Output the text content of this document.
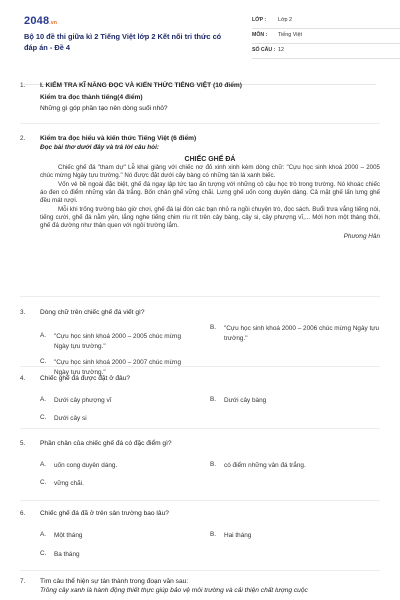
2048.vn
Bộ 10 đề thi giữa kì 2 Tiếng Việt lớp 2 Kết nối tri thức có đáp án - Đề 4
LỚP :	Lớp 2
MÔN :	Tiếng Việt
SỐ CÂU : 12
1. I. KIỂM TRA KĨ NĂNG ĐỌC VÀ KIẾN THỨC TIẾNG VIỆT (10 điểm)
Kiểm tra đọc thành tiếng(4 điểm)
Những gì góp phần tạo nên dòng suối nhỏ?
2. Kiểm tra đọc hiểu và kiến thức Tiếng Việt (6 điểm)
Đọc bài thơ dưới đây và trả lời câu hỏi:
CHIẾC GHẾ ĐÁ
Chiếc ghế đá "tham dự" Lễ khai giảng với chiếc nơ đỏ xinh xinh kèm dòng chữ: "Cựu học sinh khoá 2000 – 2005 chúc mừng Ngày tựu trường." Nó được đặt dưới cây bàng có những tán lá xanh biếc.
Vốn vẻ bề ngoài đặc biệt, ghế đá ngay lập tức tạo ấn tượng với những cô cậu học trò trong trường. Nó khoác chiếc áo đen có điểm những vân đá trắng. Bốn chân ghế vững chãi. Lưng ghế uốn cong duyên dáng. Cả mặt ghế lấn lưng ghế đều mát rượi.
Mỗi khi trống trường báo giờ chơi, ghế đá lại đón các bạn nhỏ ra ngồi chuyện trò, đọc sách. Buổi trưa vắng tiếng nói, tiếng cười, ghế đá nằm yên, lắng nghe tiếng chim ríu rít trên cây bàng, cây si, cây phượng vĩ,... Mới hơn một tháng thôi, ghế đá dường như thân quen với ngôi trường lắm.
Phương Hân
3. Dòng chữ trên chiếc ghế đá viết gì?
A.	"Cựu học sinh khoá 2000 – 2005 chúc mừng Ngày tựu trường."
B.	"Cựu học sinh khoá 2000 – 2006 chúc mừng Ngày tựu trường."
C.	"Cựu học sinh khoá 2000 – 2007 chúc mừng Ngày tựu trường."
4. Chiếc ghế đá được đặt ở đâu?
A.	Dưới cây phượng vĩ	B.	Dưới cây bàng
C.	Dưới cây si
5. Phần chân của chiếc ghế đá có đặc điểm gì?
A.	uốn cong duyên dáng.	B.	có điểm những vân đá trắng.
C.	vững chãi.
6. Chiếc ghế đá đã ở trên sân trường bao lâu?
A.	Một tháng	B.	Hai tháng
C.	Ba tháng
7. Tìm câu thể hiện sự tán thành trong đoạn văn sau:
Trồng cây xanh là hành động thiết thực giúp bảo vệ môi trường và cải thiện chất lượng cuộc
